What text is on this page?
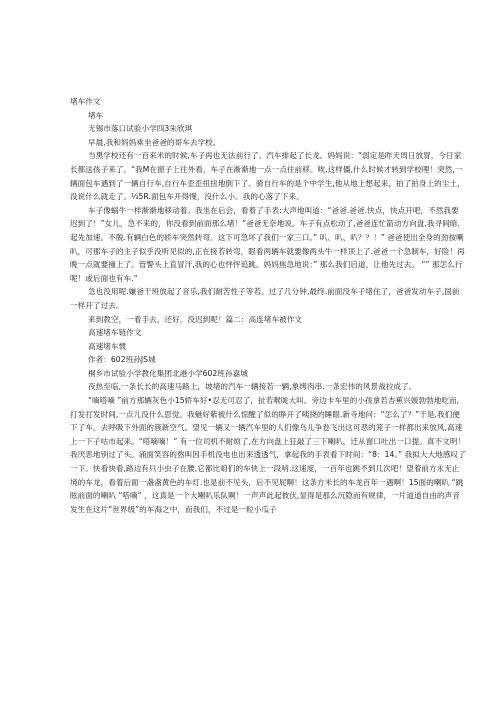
堵车作文

堵车

无锡市落口试验小学四3朱欣琪

早晨,我和妈妈乘坐爸爸的哥车去学校。

当黑学校还有一百来米的时候,车子再也无法前行了。汽车排起了长龙。妈妈说：“弱定是昨天周日放胃，今日家长都送孩子来了。“我M在窗子上往外看，车子在渐渐地一点一点往前移。唉,这样僵,什么时候才转到学校哩！突然,一辆面包车遇到了一辆自行车,自行车歪歪扭扭地倒下了。骑自行车的是个中学生,他从地上想起来，拍了拍身上的尘土，没说什么就走了。⅓5R.面包车开得慢，没什么小。我的心落了下来。

车子像蜗牛一样渐渐地移动着。我坐在后会，看着了手表:大声地叫道：“爸爸.爸爸.快点，快点开吧，不然我要迟到了！”女儿，急不来的，你没看到前面那么堵！”爸爸无奈地说。车子有点松动了,爸爸连忙箭动方向盘,我寻间暗.起先加速。不脱.有辆白色的轿车突然转弯。这下可急坏了我们一家三口。” 叭、叭、叭？？！” 爸爸使出全身的劲按喇叭，可那车子的主子似乎没听见似的,正在接若转弯，眼看两辆车就要像两头牛一样顶上了.爸爸一个急制车，好险！再晚一点就要撞上了。管警头上直冒汗,我的心也怦怦追跳。妈妈焦急地说：” 那么我们启道，让他先过去。 “” 那怎么行呢！或后面也有车.”

急也没用呢.嫌爸干班放起了音乐,我们耐苦性子等若。过了几分钟,最终.前面没车子堵住了，爸爸发动车子,国前一样开了过去。

来到教空，一看手去，还好，没迟到呢！篇二：高连堵车被作文

高速堵车链作文

高速堵车惯

作者：602班孙JS城

桐乡市试验小学教化集团北港小学602班孙嘉城

夜热至临,一条长长的高速马路上，坡堵的汽车一辆接若一辆,象烤肉串.一条宏伟的风景战拉成了。

“嘀嗒嘀 ”前方那辆灰色小15轿车好•忍无可忍了，扯若喉咙大叫。旁边卡车里的小孩拿若杏蕉兴媛勃勃地吃而,打发打发时间,一点儿没什么思觉。我魅好紫被什么惊醒了似的睁开了咦挠的睡眼.新寺地问：“怎么了？”于是,我们便下了车，去呼吸下外面的簇新空气。望见一辆又一辆汽车里的人们像乌儿争卷飞出这可恶的笼子一样都出来放风,高速上一下子咕市起来。“嗒嘀嘀！” 有一位司机不耐烦了,在方向盘上狂敲了三下喇叭，迁从窗口吐出一口提。真不文明！我厌恶地别过了头。涌面笑容的熬叫因手机没电也出来透透气，拿起我的手表看下时间：“8：14。” 我拟大大地感叹了一下。快看快看,路边有只小虫子在腰,它都比咱们的车快上一段哨.这速度，一百年也跳不到几次吧！望着前方永无止境的车龙，看着后面一盏盏黄色的车灯.也是前不见头，后不见屁啊！这条方米长的车龙百年一遇啊！15面的喇叭 “跳眩前面的喇叭 “嗒嘀” ，这真是一个大喇叭乐队啊！一声声此起彼伏,显得是那么沉隐而有规律，一片道道自由的声音发生在这片“世界级”的车海之中，而我们，不过是一粒小瓜子
